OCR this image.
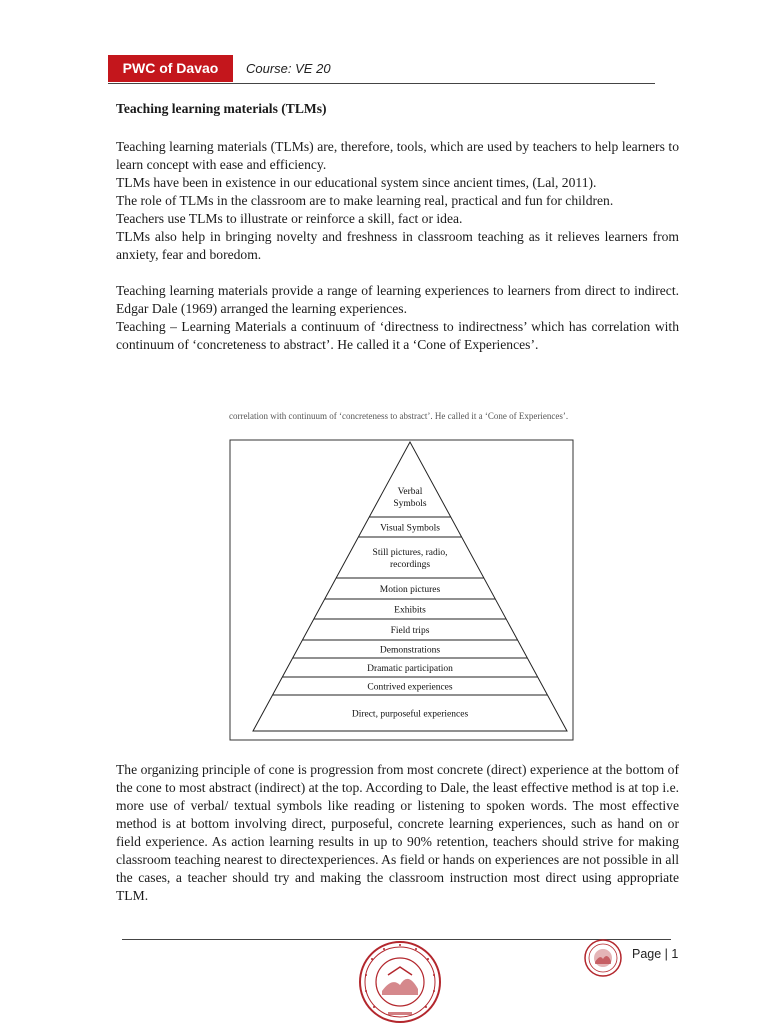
PWC of Davao	Course: VE 20

Teaching learning materials (TLMs)

Teaching learning materials (TLMs) are, therefore, tools, which are used by teachers to help learners to learn concept with ease and efficiency.

TLMs have been in existence in our educational system since ancient times, (Lal, 2011).

The role of TLMs in the classroom are to make learning real, practical and fun for children.

Teachers use TLMs to illustrate or reinforce a skill, fact or idea.

TLMs also help in bringing novelty and freshness in classroom teaching as it relieves learners from anxiety, fear and boredom.

Teaching learning materials provide a range of learning experiences to learners from direct to indirect. Edgar Dale (1969) arranged the learning experiences.

Teaching – Learning Materials a continuum of ‘directness to indirectness’ which has correlation with continuum of ‘concreteness to abstract’. He called it a ‘Cone of Experiences’.

correlation with continuum of ‘concreteness to abstract’. He called it a ‘Cone of Experiences’.
Verbal
Symbols
Visual Symbols
Still pictures, radio,
recordings
Motion pictures
Exhibits
Field trips
Demonstrations
Dramatic participation
Contrived experiences
Direct, purposeful experiences

The organizing principle of cone is progression from most concrete (direct) experience at the bottom of the cone to most abstract (indirect) at the top. According to Dale, the least effective method is at top i.e. more use of verbal/ textual symbols like reading or listening to spoken words. The most effective method is at bottom involving direct, purposeful, concrete learning experiences, such as hand on or field experience. As action learning results in up to 90% retention, teachers should strive for making classroom teaching nearest to directexperiences. As field or hands on experiences are not possible in all the cases, a teacher should try and making the classroom instruction most direct using appropriate TLM.

Page | 1
